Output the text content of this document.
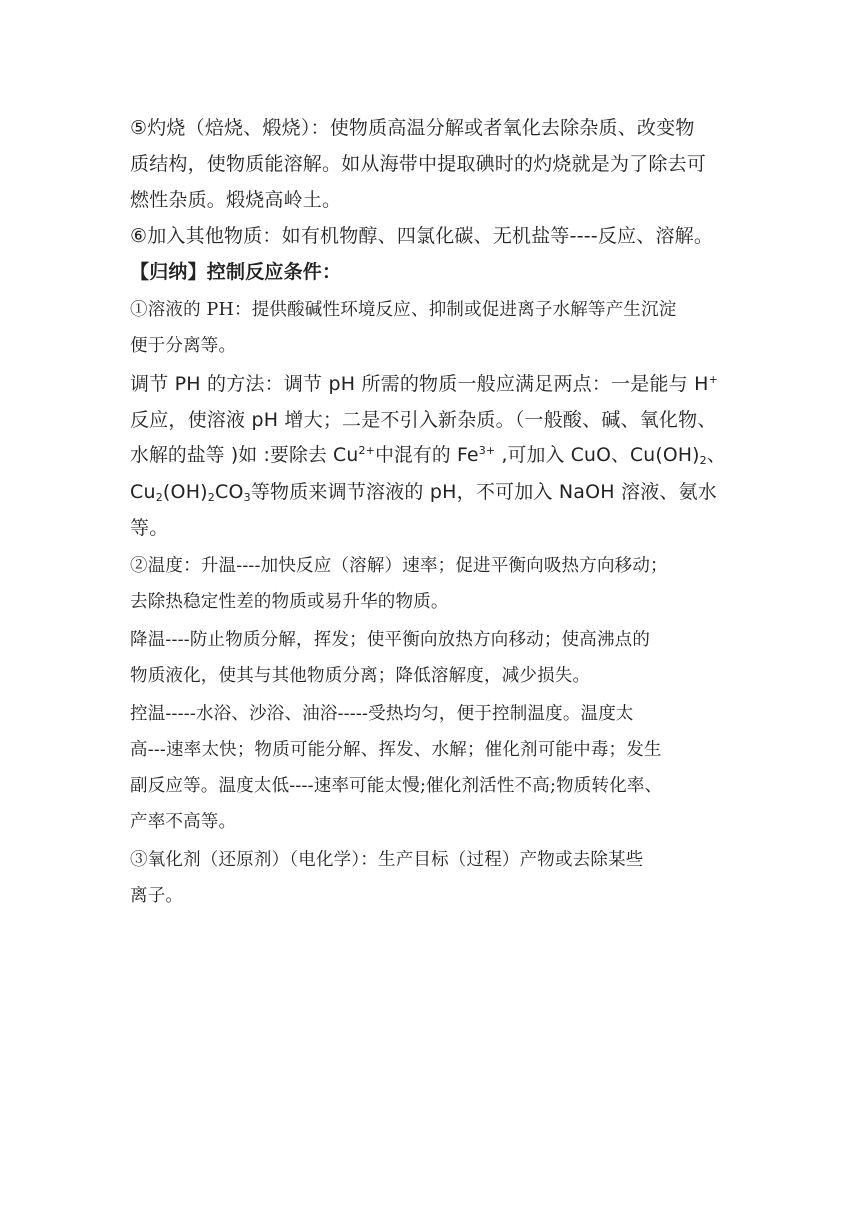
⑤灼烧（焙烧、煅烧）：使物质高温分解或者氧化去除杂质、改变物
质结构，使物质能溶解。如从海带中提取碘时的灼烧就是为了除去可
燃性杂质。煅烧高岭土。
⑥加入其他物质：如有机物醇、四氯化碳、无机盐等----反应、溶解。
【归纳】控制反应条件：
①溶液的 PH：提供酸碱性环境反应、抑制或促进离子水解等产生沉淀
便于分离等。
调节 PH 的方法：调节 pH 所需的物质一般应满足两点：一是能与 H+
反应，使溶液 pH 增大；二是不引入新杂质。（一般酸、碱、氧化物、
水解的盐等 )如 :要除去 $Cu^{2+}$中混有的 $Fe^{3+}$ ,可加入 CuO、$Cu(OH)_2$、
$Cu_2(OH)_2CO_3$等物质来调节溶液的 pH，不可加入 NaOH 溶液、氨水
等。
②温度：升温----加快反应（溶解）速率；促进平衡向吸热方向移动；
去除热稳定性差的物质或易升华的物质。
降温----防止物质分解，挥发；使平衡向放热方向移动；使高沸点的
物质液化，使其与其他物质分离；降低溶解度，减少损失。
控温-----水浴、沙浴、油浴-----受热均匀，便于控制温度。温度太
高---速率太快；物质可能分解、挥发、水解；催化剂可能中毒；发生
副反应等。温度太低----速率可能太慢;催化剂活性不高;物质转化率、
产率不高等。
③氧化剂（还原剂）（电化学）：生产目标（过程）产物或去除某些
离子。
